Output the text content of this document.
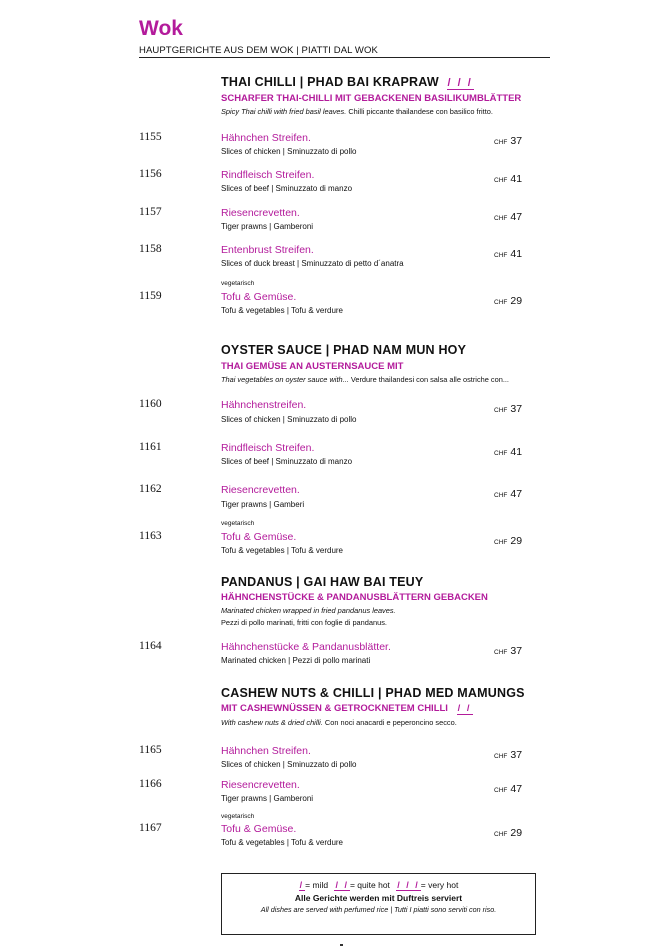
Wok
HAUPTGERICHTE AUS DEM WOK | PIATTI DAL WOK
THAI CHILLI | PHAD BAI KRAPRAW / / /
SCHARFER THAI-CHILLI MIT GEBACKENEN BASILIKUMBLÄTTER
Spicy Thai chilli with fried basil leaves. Chilli piccante thailandese con basilico fritto.
1155	Hähnchen Streifen.
Slices of chicken | Sminuzzato di pollo
CHF 37
1156	Rindfleisch Streifen.
Slices of beef | Sminuzzato di manzo
CHF 41
1157	Riesencrevetten.
Tiger prawns | Gamberoni
CHF 47
1158	Entenbrust Streifen.
Slices of duck breast | Sminuzzato di petto d´anatra
CHF 41
vegetarisch
1159	Tofu & Gemüse.
Tofu & vegetables | Tofu & verdure
CHF 29
OYSTER SAUCE | PHAD NAM MUN HOY
THAI GEMÜSE AN AUSTERNSAUCE MIT
Thai vegetables on oyster sauce with... Verdure thailandesi con salsa alle ostriche con...
1160	Hähnchenstreifen.
Slices of chicken | Sminuzzato di pollo
CHF 37
1161	Rindfleisch Streifen.
Slices of beef | Sminuzzato di manzo
CHF 41
1162	Riesencrevetten.
Tiger prawns | Gamberi
CHF 47
vegetarisch
1163	Tofu & Gemüse.
Tofu & vegetables | Tofu & verdure
CHF 29
PANDANUS | GAI HAW BAI TEUY
HÄHNCHENSTÜCKE & PANDANUSBLÄTTERN GEBACKEN
Marinated chicken wrapped in fried pandanus leaves.
Pezzi di pollo marinati, fritti con foglie di pandanus.
1164	Hähnchenstücke & Pandanusblätter.
Marinated chicken | Pezzi di pollo marinati
CHF 37
CASHEW NUTS & CHILLI | PHAD MED MAMUNGS
MIT CASHEWNÜSSEN & GETROCKNETEM CHILLI / /
With cashew nuts & dried chilli. Con noci anacardi e peperoncino secco.
1165	Hähnchen Streifen.
Slices of chicken | Sminuzzato di pollo
CHF 37
1166	Riesencrevetten.
Tiger prawns | Gamberoni
CHF 47
vegetarisch
1167	Tofu & Gemüse.
Tofu & vegetables | Tofu & verdure
CHF 29
/= mild / /= quite hot / / /= very hot
Alle Gerichte werden mit Duftreis serviert
All dishes are served with perfumed rice | Tutti I piatti sono serviti con riso.
